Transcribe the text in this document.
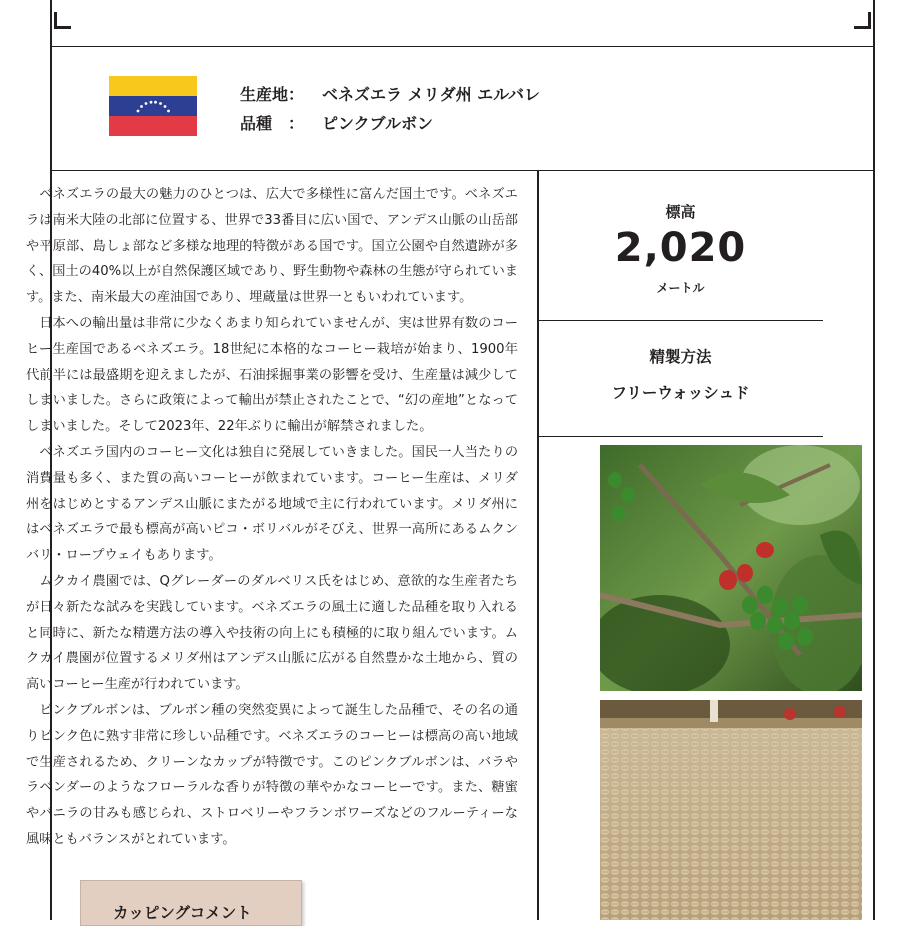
生産地：	ベネズエラ メリダ州 エルバレ
品種　：	ピンクブルボン

ベネズエラの最大の魅力のひとつは、広大で多様性に富んだ国土です。ベネズエラは南米大陸の北部に位置する、世界で33番目に広い国で、アンデス山脈の山岳部や平原部、島しょ部など多様な地理的特徴がある国です。国立公園や自然遺跡が多く、国土の40%以上が自然保護区域であり、野生動物や森林の生態が守られています。また、南米最大の産油国であり、埋蔵量は世界一ともいわれています。

日本への輸出量は非常に少なくあまり知られていませんが、実は世界有数のコーヒー生産国であるベネズエラ。18世紀に本格的なコーヒー栽培が始まり、1900年代前半には最盛期を迎えましたが、石油採掘事業の影響を受け、生産量は減少してしまいました。さらに政策によって輸出が禁止されたことで、“幻の産地”となってしまいました。そして2023年、22年ぶりに輸出が解禁されました。

ベネズエラ国内のコーヒー文化は独自に発展していきました。国民一人当たりの消費量も多く、また質の高いコーヒーが飲まれています。コーヒー生産は、メリダ州をはじめとするアンデス山脈にまたがる地域で主に行われています。メリダ州にはベネズエラで最も標高が高いピコ・ボリバルがそびえ、世界一高所にあるムクンバリ・ロープウェイもあります。

ムクカイ農園では、Qグレーダーのダルベリス氏をはじめ、意欲的な生産者たちが日々新たな試みを実践しています。ベネズエラの風土に適した品種を取り入れると同時に、新たな精選方法の導入や技術の向上にも積極的に取り組んでいます。ムクカイ農園が位置するメリダ州はアンデス山脈に広がる自然豊かな土地から、質の高いコーヒー生産が行われています。

ピンクブルボンは、ブルボン種の突然変異によって誕生した品種で、その名の通りピンク色に熟す非常に珍しい品種です。ベネズエラのコーヒーは標高の高い地域で生産されるため、クリーンなカップが特徴です。このピンクブルボンは、バラやラベンダーのようなフローラルな香りが特徴の華やかなコーヒーです。また、糖蜜やバニラの甘みも感じられ、ストロベリーやフランボワーズなどのフルーティーな風味ともバランスがとれています。

標高
2,020
メートル
精製方法
フリーウォッシュド
カッピングコメント
